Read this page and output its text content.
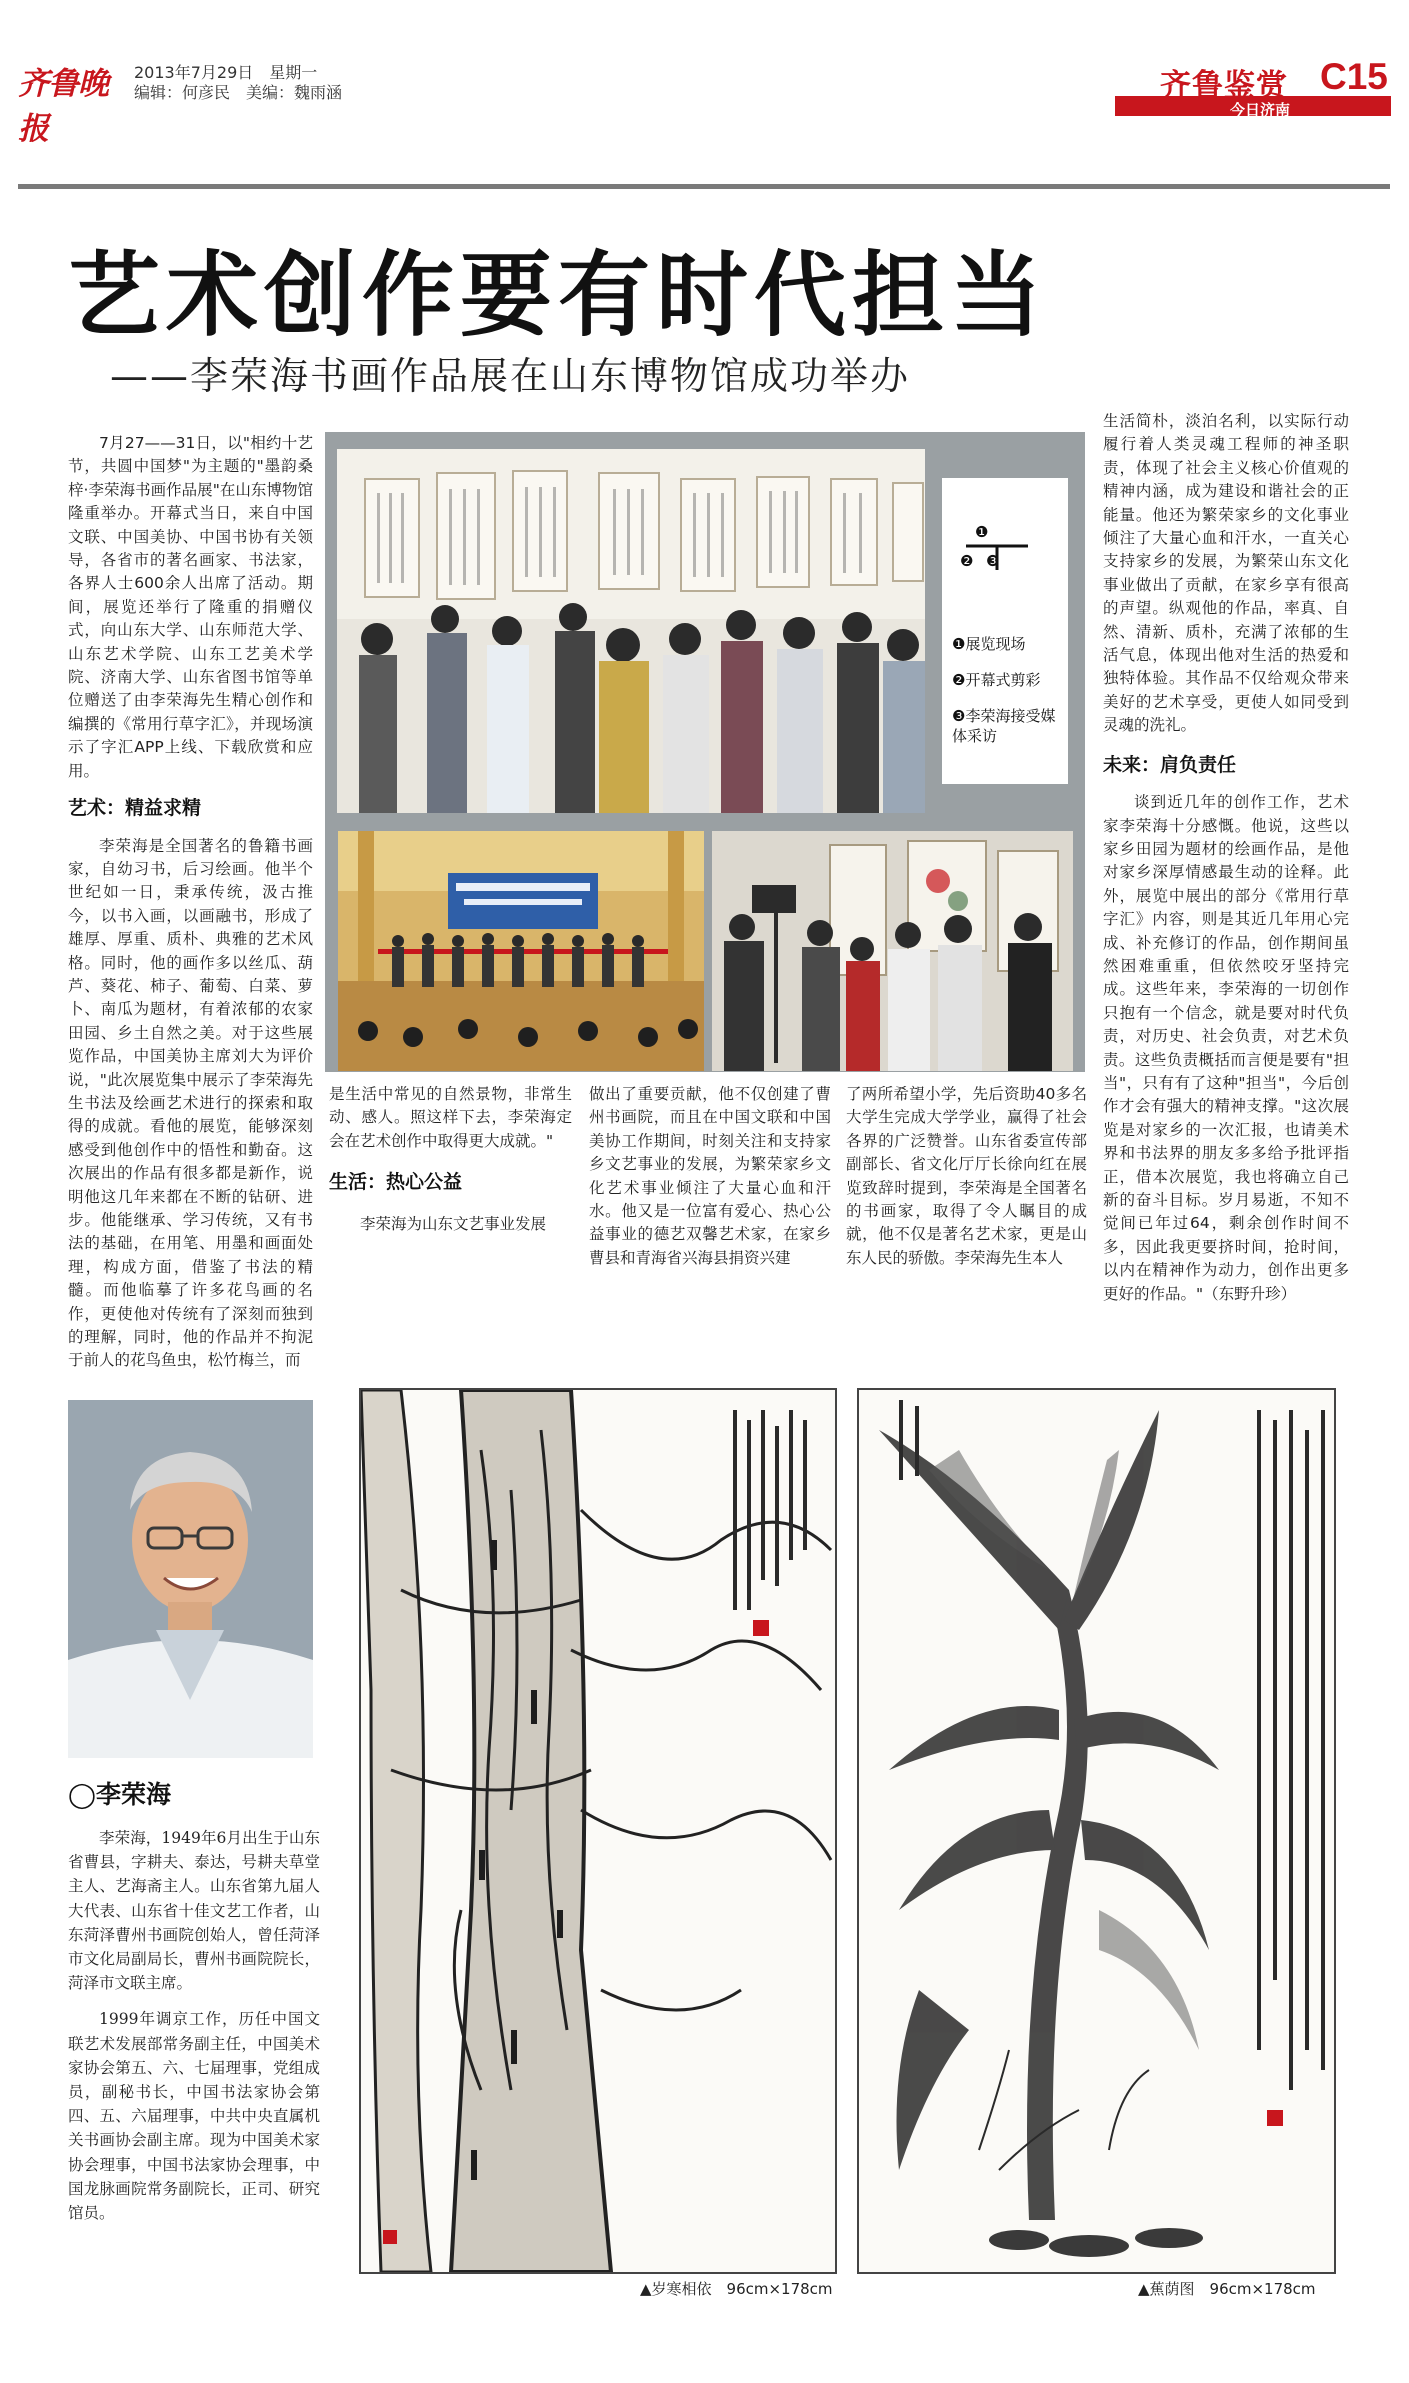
齐鲁晚报
2013年7月29日　星期一
编辑：何彦民　美编：魏雨涵	齐鲁鉴赏
今日济南
C15
艺术创作要有时代担当
——李荣海书画作品展在山东博物馆成功举办

7月27——31日，以"相约十艺节，共圆中国梦"为主题的"墨韵桑梓·李荣海书画作品展"在山东博物馆隆重举办。开幕式当日，来自中国文联、中国美协、中国书协有关领导，各省市的著名画家、书法家，各界人士600余人出席了活动。期间，展览还举行了隆重的捐赠仪式，向山东大学、山东师范大学、山东艺术学院、山东工艺美术学院、济南大学、山东省图书馆等单位赠送了由李荣海先生精心创作和编撰的《常用行草字汇》，并现场演示了字汇APP上线、下载欣赏和应用。

艺术：精益求精

李荣海是全国著名的鲁籍书画家，自幼习书，后习绘画。他半个世纪如一日，秉承传统，汲古推今，以书入画，以画融书，形成了雄厚、厚重、质朴、典雅的艺术风格。同时，他的画作多以丝瓜、葫芦、葵花、柿子、葡萄、白菜、萝卜、南瓜为题材，有着浓郁的农家田园、乡土自然之美。对于这些展览作品，中国美协主席刘大为评价说，"此次展览集中展示了李荣海先生书法及绘画艺术进行的探索和取得的成就。看他的展览，能够深刻感受到他创作中的悟性和勤奋。这次展出的作品有很多都是新作，说明他这几年来都在不断的钻研、进步。他能继承、学习传统，又有书法的基础，在用笔、用墨和画面处理，构成方面，借鉴了书法的精髓。而他临摹了许多花鸟画的名作，更使他对传统有了深刻而独到的理解，同时，他的作品并不拘泥于前人的花鸟鱼虫，松竹梅兰，而

是生活中常见的自然景物，非常生动、感人。照这样下去，李荣海定会在艺术创作中取得更大成就。"

生活：热心公益

李荣海为山东文艺事业发展

做出了重要贡献，他不仅创建了曹州书画院，而且在中国文联和中国美协工作期间，时刻关注和支持家乡文艺事业的发展，为繁荣家乡文化艺术事业倾注了大量心血和汗水。他又是一位富有爱心、热心公益事业的德艺双馨艺术家，在家乡曹县和青海省兴海县捐资兴建

了两所希望小学，先后资助40多名大学生完成大学学业，赢得了社会各界的广泛赞誉。山东省委宣传部副部长、省文化厅厅长徐向红在展览致辞时提到，李荣海是全国著名的书画家，取得了令人瞩目的成就，他不仅是著名艺术家，更是山东人民的骄傲。李荣海先生本人

生活简朴，淡泊名利，以实际行动履行着人类灵魂工程师的神圣职责，体现了社会主义核心价值观的精神内涵，成为建设和谐社会的正能量。他还为繁荣家乡的文化事业倾注了大量心血和汗水，一直关心支持家乡的发展，为繁荣山东文化事业做出了贡献，在家乡享有很高的声望。纵观他的作品，率真、自然、清新、质朴，充满了浓郁的生活气息，体现出他对生活的热爱和独特体验。其作品不仅给观众带来美好的艺术享受，更使人如同受到灵魂的洗礼。

未来：肩负责任

谈到近几年的创作工作，艺术家李荣海十分感慨。他说，这些以家乡田园为题材的绘画作品，是他对家乡深厚情感最生动的诠释。此外，展览中展出的部分《常用行草字汇》内容，则是其近几年用心完成、补充修订的作品，创作期间虽然困难重重，但依然咬牙坚持完成。这些年来，李荣海的一切创作只抱有一个信念，就是要对时代负责，对历史、社会负责，对艺术负责。这些负责概括而言便是要有"担当"，只有有了这种"担当"，今后创作才会有强大的精神支撑。"这次展览是对家乡的一次汇报，也请美术界和书法界的朋友多多给予批评指正，借本次展览，我也将确立自己新的奋斗目标。岁月易逝，不知不觉间已年过64，剩余创作时间不多，因此我更要挤时间，抢时间，以内在精神作为动力，创作出更多更好的作品。"（东野升珍）

❶
❷ ❸
❶展览现场
❷开幕式剪彩
❸李荣海接受媒体采访
◯李荣海

李荣海，1949年6月出生于山东省曹县，字耕夫、泰达，号耕夫草堂主人、艺海斋主人。山东省第九届人大代表、山东省十佳文艺工作者，山东菏泽曹州书画院创始人，曾任菏泽市文化局副局长，曹州书画院院长，菏泽市文联主席。

1999年调京工作，历任中国文联艺术发展部常务副主任，中国美术家协会第五、六、七届理事，党组成员，副秘书长，中国书法家协会第四、五、六届理事，中共中央直属机关书画协会副主席。现为中国美术家协会理事，中国书法家协会理事，中国龙脉画院常务副院长，正司、研究馆员。

▲岁寒相依　96cm×178cm	▲蕉荫图　96cm×178cm
